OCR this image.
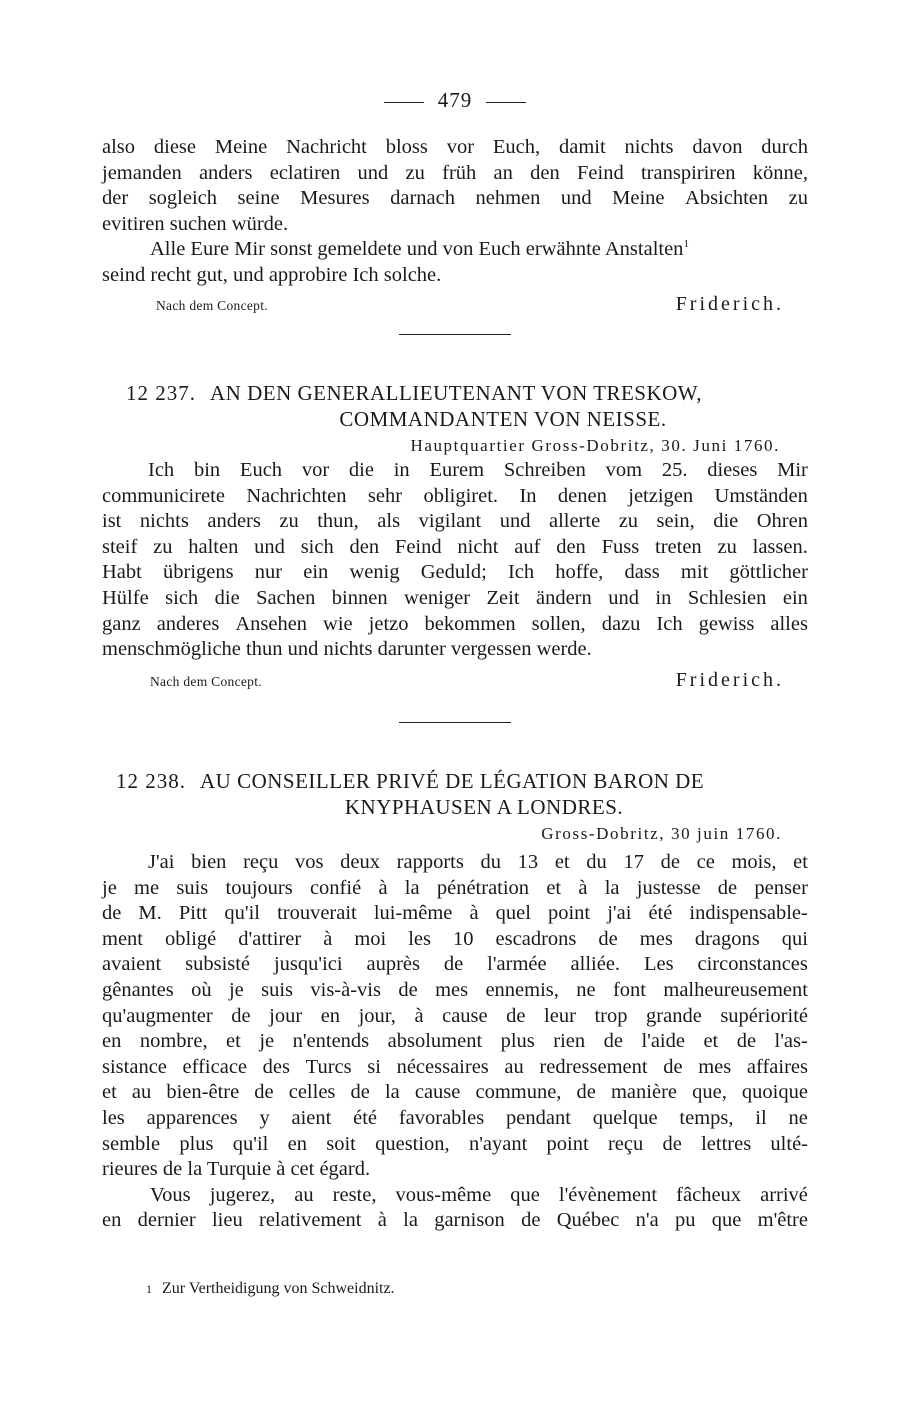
479

also diese Meine Nachricht bloss vor Euch, damit nichts davon durch
jemanden anders eclatiren und zu früh an den Feind transpiriren könne,
der sogleich seine Mesures darnach nehmen und Meine Absichten zu
evitiren suchen würde.

Alle Eure Mir sonst gemeldete und von Euch erwähnte Anstalten$^1$
seind recht gut, und approbire Ich solche.

Nach dem Concept.	Friderich.
12 237. AN DEN GENERALLIEUTENANT VON TRESKOW,
COMMANDANTEN VON NEISSE.
Hauptquartier Gross-Dobritz, 30. Juni 1760.

Ich bin Euch vor die in Eurem Schreiben vom 25. dieses Mir
communicirete Nachrichten sehr obligiret. In denen jetzigen Umständen
ist nichts anders zu thun, als vigilant und allerte zu sein, die Ohren
steif zu halten und sich den Feind nicht auf den Fuss treten zu lassen.
Habt übrigens nur ein wenig Geduld; Ich hoffe, dass mit göttlicher
Hülfe sich die Sachen binnen weniger Zeit ändern und in Schlesien ein
ganz anderes Ansehen wie jetzo bekommen sollen, dazu Ich gewiss alles
menschmögliche thun und nichts darunter vergessen werde.

Nach dem Concept.	Friderich.
12 238. AU CONSEILLER PRIVÉ DE LÉGATION BARON DE
KNYPHAUSEN A LONDRES.
Gross-Dobritz, 30 juin 1760.

J'ai bien reçu vos deux rapports du 13 et du 17 de ce mois, et
je me suis toujours confié à la pénétration et à la justesse de penser
de M. Pitt qu'il trouverait lui-même à quel point j'ai été indispensable-
ment obligé d'attirer à moi les 10 escadrons de mes dragons qui
avaient subsisté jusqu'ici auprès de l'armée alliée. Les circonstances
gênantes où je suis vis-à-vis de mes ennemis, ne font malheureusement
qu'augmenter de jour en jour, à cause de leur trop grande supériorité
en nombre, et je n'entends absolument plus rien de l'aide et de l'as-
sistance efficace des Turcs si nécessaires au redressement de mes affaires
et au bien-être de celles de la cause commune, de manière que, quoique
les apparences y aient été favorables pendant quelque temps, il ne
semble plus qu'il en soit question, n'ayant point reçu de lettres ulté-
rieures de la Turquie à cet égard.

Vous jugerez, au reste, vous-même que l'évènement fâcheux arrivé
en dernier lieu relativement à la garnison de Québec n'a pu que m'être

1 Zur Vertheidigung von Schweidnitz.
